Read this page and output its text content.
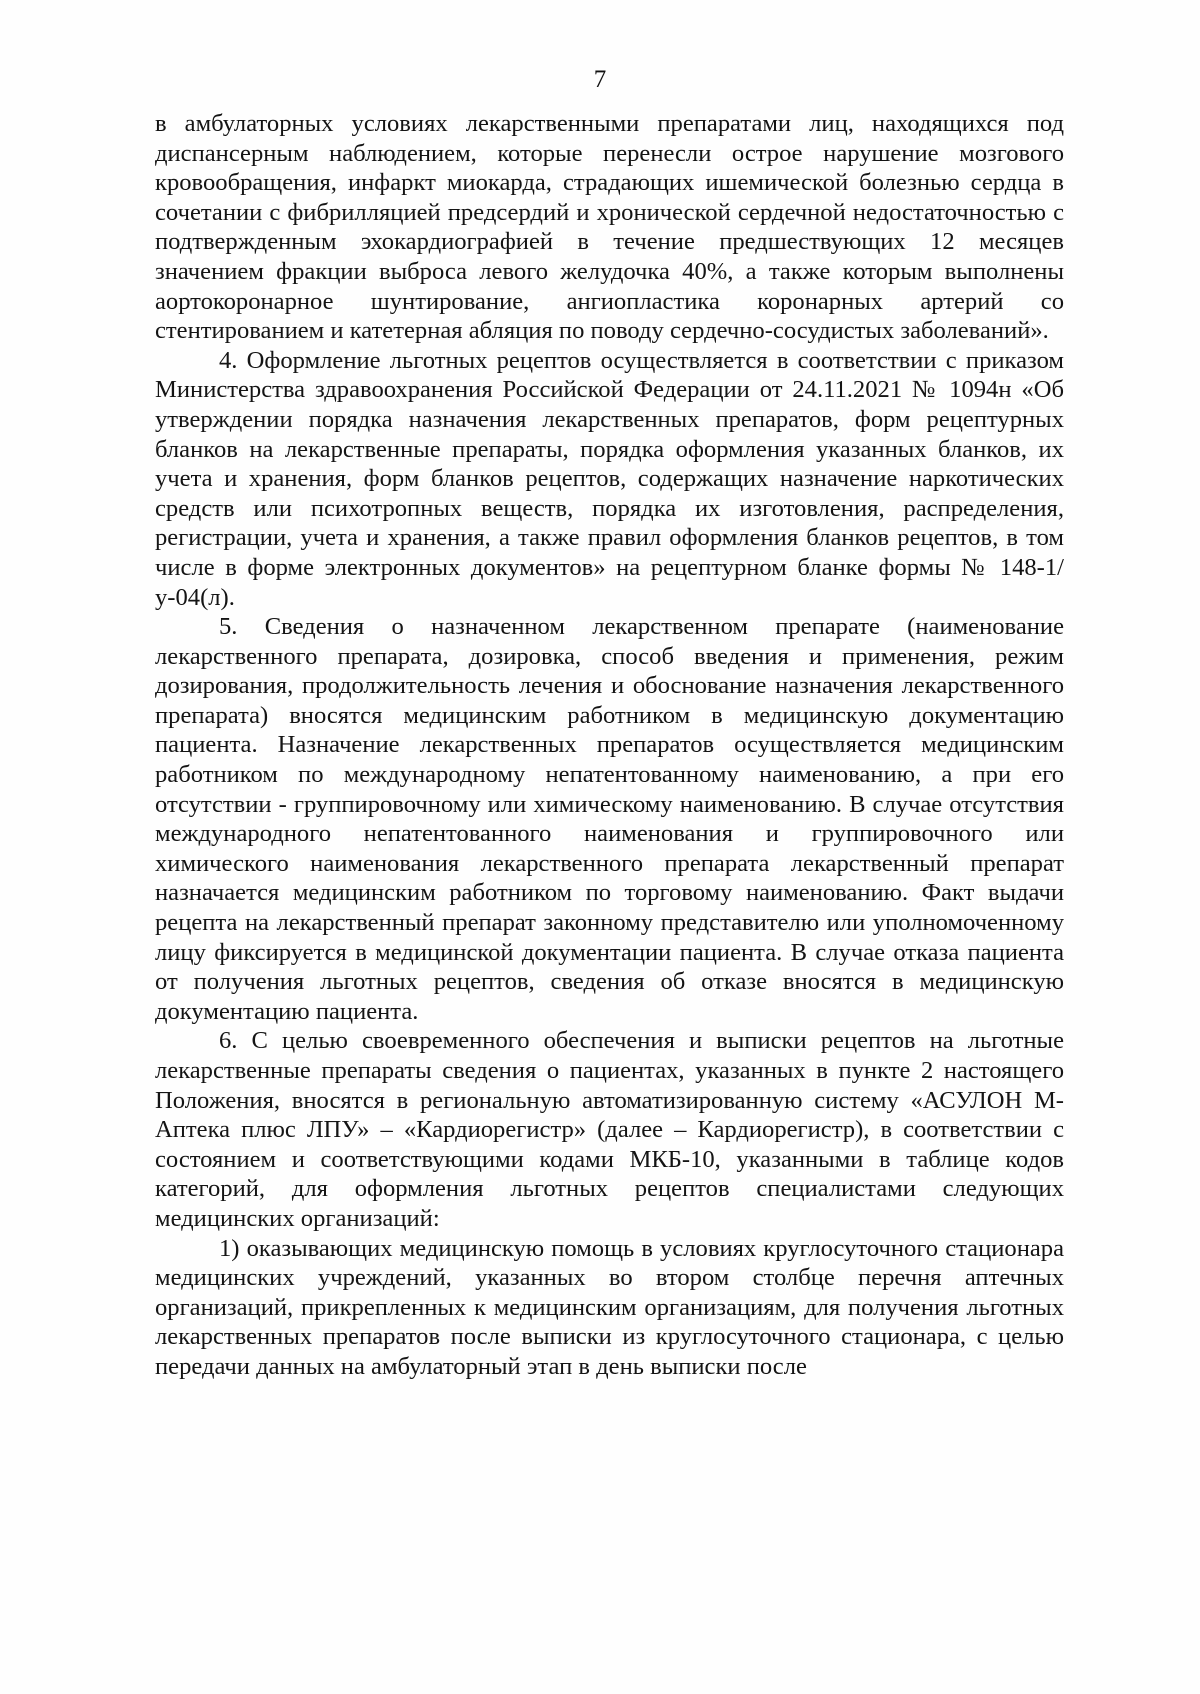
7

в амбулаторных условиях лекарственными препаратами лиц, находящихся под диспансерным наблюдением, которые перенесли острое нарушение мозгового кровообращения, инфаркт миокарда, страдающих ишемической болезнью сердца в сочетании с фибрилляцией предсердий и хронической сердечной недостаточностью с подтвержденным эхокардиографией в течение предшествующих 12 месяцев значением фракции выброса левого желудочка 40%, а также которым выполнены аортокоронарное шунтирование, ангиопластика коронарных артерий со стентированием и катетерная абляция по поводу сердечно-сосудистых заболеваний».

4. Оформление льготных рецептов осуществляется в соответствии с приказом Министерства здравоохранения Российской Федерации от 24.11.2021 № 1094н «Об утверждении порядка назначения лекарственных препаратов, форм рецептурных бланков на лекарственные препараты, порядка оформления указанных бланков, их учета и хранения, форм бланков рецептов, содержащих назначение наркотических средств или психотропных веществ, порядка их изготовления, распределения, регистрации, учета и хранения, а также правил оформления бланков рецептов, в том числе в форме электронных документов» на рецептурном бланке формы № 148-1/у-04(л).

5. Сведения о назначенном лекарственном препарате (наименование лекарственного препарата, дозировка, способ введения и применения, режим дозирования, продолжительность лечения и обоснование назначения лекарственного препарата) вносятся медицинским работником в медицинскую документацию пациента. Назначение лекарственных препаратов осуществляется медицинским работником по международному непатентованному наименованию, а при его отсутствии - группировочному или химическому наименованию. В случае отсутствия международного непатентованного наименования и группировочного или химического наименования лекарственного препарата лекарственный препарат назначается медицинским работником по торговому наименованию. Факт выдачи рецепта на лекарственный препарат законному представителю или уполномоченному лицу фиксируется в медицинской документации пациента. В случае отказа пациента от получения льготных рецептов, сведения об отказе вносятся в медицинскую документацию пациента.

6. С целью своевременного обеспечения и выписки рецептов на льготные лекарственные препараты сведения о пациентах, указанных в пункте 2 настоящего Положения, вносятся в региональную автоматизированную систему «АСУЛОН М-Аптека плюс ЛПУ» – «Кардиорегистр» (далее – Кардиорегистр), в соответствии с состоянием и соответствующими кодами МКБ-10, указанными в таблице кодов категорий, для оформления льготных рецептов специалистами следующих медицинских организаций:

1) оказывающих медицинскую помощь в условиях круглосуточного стационара медицинских учреждений, указанных во втором столбце перечня аптечных организаций, прикрепленных к медицинским организациям, для получения льготных лекарственных препаратов после выписки из круглосуточного стационара, с целью передачи данных на амбулаторный этап в день выписки после
